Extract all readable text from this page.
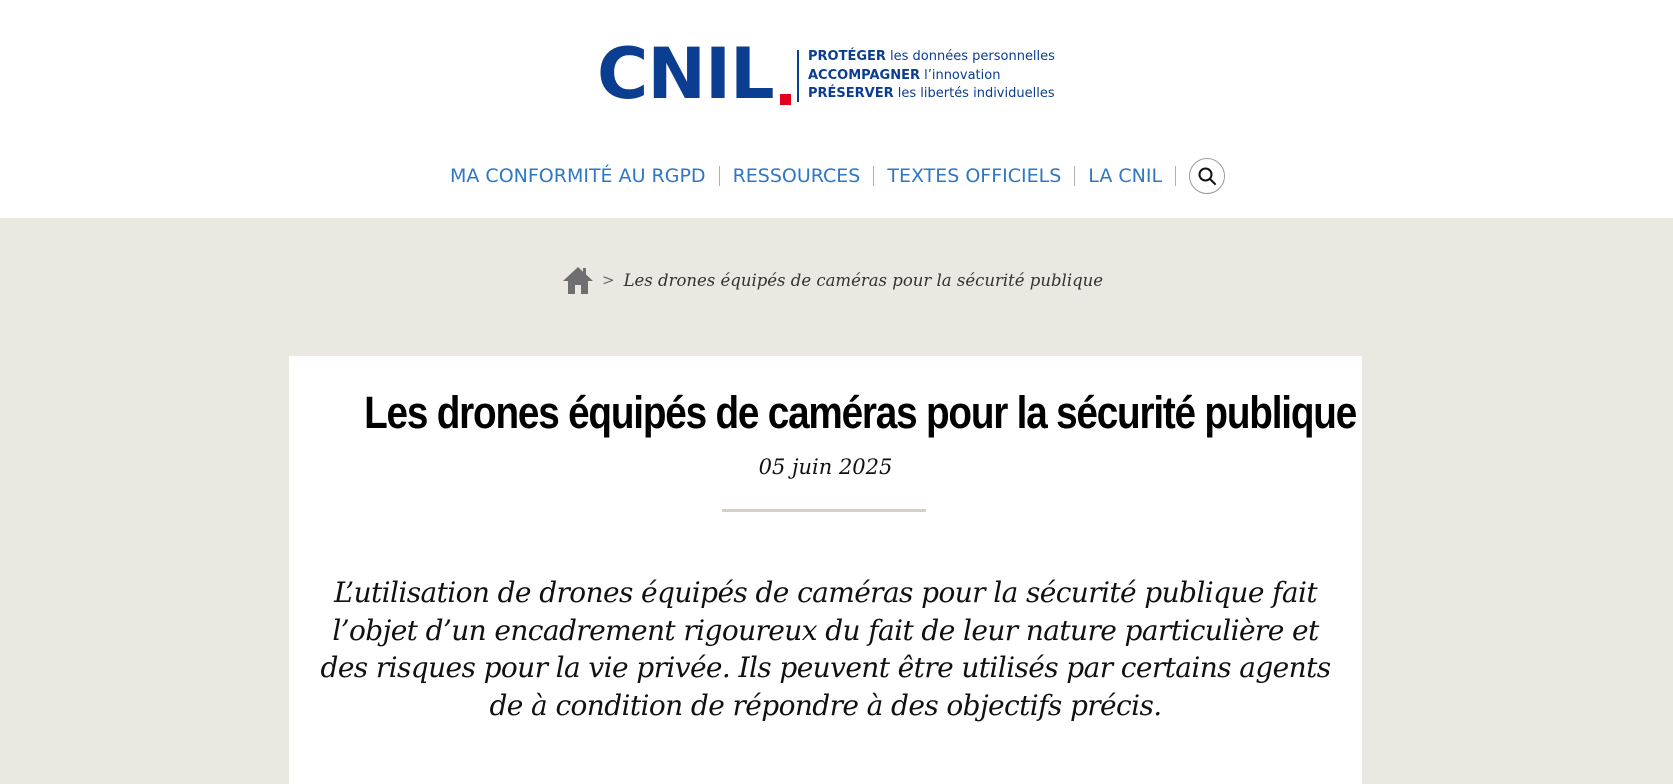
CNIL	PROTÉGER les données personnelles
ACCOMPAGNER l’innovation
PRÉSERVER les libertés individuelles
MA CONFORMITÉ AU RGPD RESSOURCES TEXTES OFFICIELS LA CNIL
> Les drones équipés de caméras pour la sécurité publique
Les drones équipés de caméras pour la sécurité publique
05 juin 2025

L’utilisation de drones équipés de caméras pour la sécurité publique fait l’objet d’un encadrement rigoureux du fait de leur nature particulière et des risques pour la vie privée. Ils peuvent être utilisés par certains agents de à condition de répondre à des objectifs précis.
